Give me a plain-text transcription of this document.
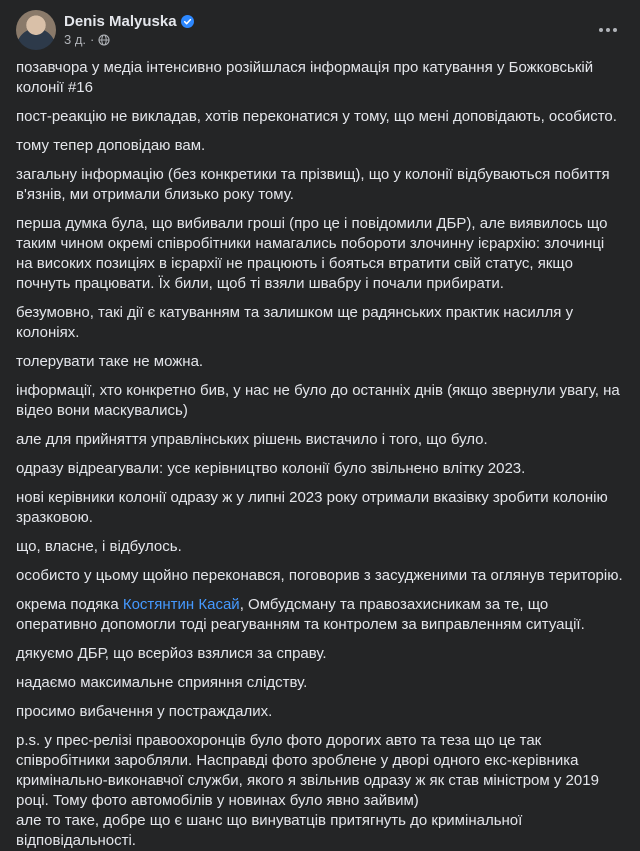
Denis Malyuska
3 д. ·

позавчора у медіа інтенсивно розійшлася інформація про катування у Божковській колонії #16

пост-реакцію не викладав, хотів переконатися у тому, що мені доповідають, особисто.

тому тепер доповідаю вам.

загальну інформацію (без конкретики та прізвищ), що у колонії відбуваються побиття в'язнів, ми отримали близько року тому.

перша думка була, що вибивали гроші (про це і повідомили ДБР), але виявилось що таким чином окремі співробітники намагались побороти злочинну ієрархію: злочинці на високих позиціях в ієрархії не працюють і бояться втратити свій статус, якщо почнуть працювати. Їх били, щоб ті взяли швабру і почали прибирати.

безумовно, такі дії є катуванням та залишком ще радянських практик насилля у колоніях.

толерувати таке не можна.

інформації, хто конкретно бив, у нас не було до останніх днів (якщо звернули увагу, на відео вони маскувались)

але для прийняття управлінських рішень вистачило і того, що було.

одразу відреагували: усе керівництво колонії було звільнено влітку 2023.

нові керівники колонії одразу ж у липні 2023 року отримали вказівку зробити колонію зразковою.

що, власне, і відбулось.

особисто у цьому щойно переконався, поговорив з засудженими та оглянув територію.

окрема подяка Костянтин Касай, Омбудсману та правозахисникам за те, що оперативно допомогли тоді реагуванням та контролем за виправленням ситуації.

дякуємо ДБР, що всерйоз взялися за справу.

надаємо максимальне сприяння слідству.

просимо вибачення у постраждалих.

p.s. у прес-релізі правоохоронців було фото дорогих авто та теза що це так співробітники заробляли. Насправді фото зроблене у дворі одного екс-керівника кримінально-виконавчої служби, якого я звільнив одразу ж як став міністром у 2019 році. Тому фото автомобілів у новинах було явно зайвим)
але то таке, добре що є шанс що винуватців притягнуть до кримінальної відповідальності.
